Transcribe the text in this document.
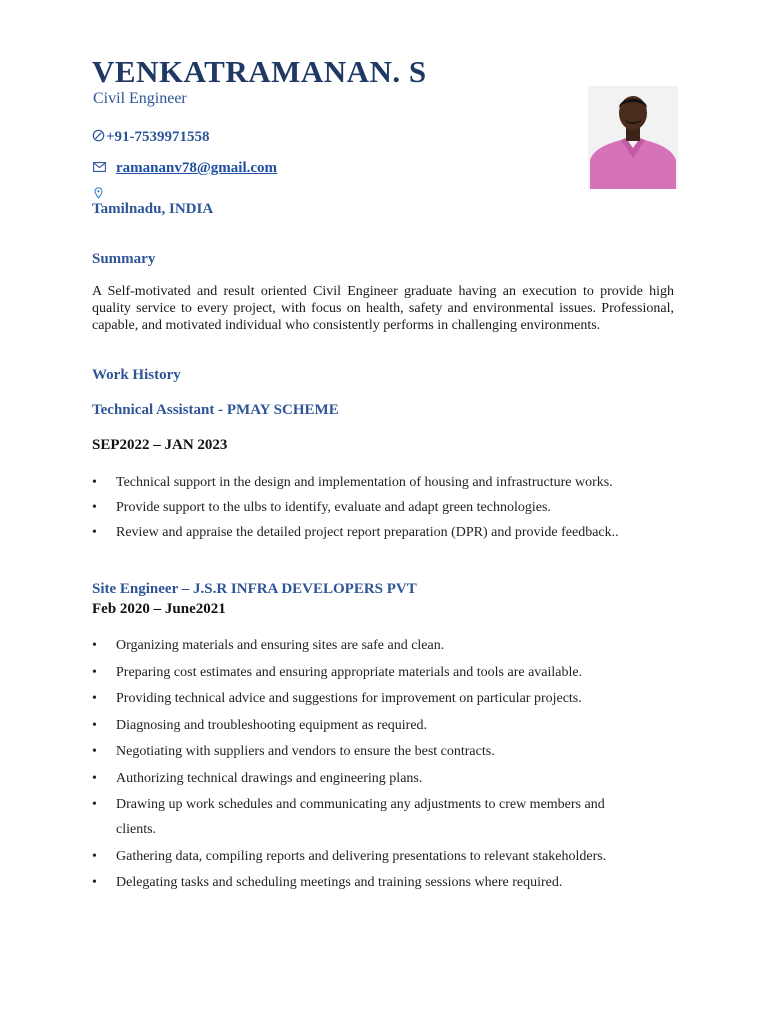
VENKATRAMANAN. S
Civil Engineer
+91-7539971558
ramananv78@gmail.com
Tamilnadu, INDIA
Summary
A Self-motivated and result oriented Civil Engineer graduate having an execution to provide high quality service to every project, with focus on health, safety and environmental issues. Professional, capable, and motivated individual who consistently performs in challenging environments.
Work History
Technical Assistant - PMAY SCHEME
SEP2022 – JAN 2023
• Technical support in the design and implementation of housing and infrastructure works.
• Provide support to the ulbs to identify, evaluate and adapt green technologies.
• Review and appraise the detailed project report preparation (DPR) and provide feedback..
Site Engineer – J.S.R INFRA DEVELOPERS PVT
Feb 2020 – June2021
• Organizing materials and ensuring sites are safe and clean.
• Preparing cost estimates and ensuring appropriate materials and tools are available.
• Providing technical advice and suggestions for improvement on particular projects.
• Diagnosing and troubleshooting equipment as required.
• Negotiating with suppliers and vendors to ensure the best contracts.
• Authorizing technical drawings and engineering plans.
• Drawing up work schedules and communicating any adjustments to crew members and clients.
• Gathering data, compiling reports and delivering presentations to relevant stakeholders.
• Delegating tasks and scheduling meetings and training sessions where required.
